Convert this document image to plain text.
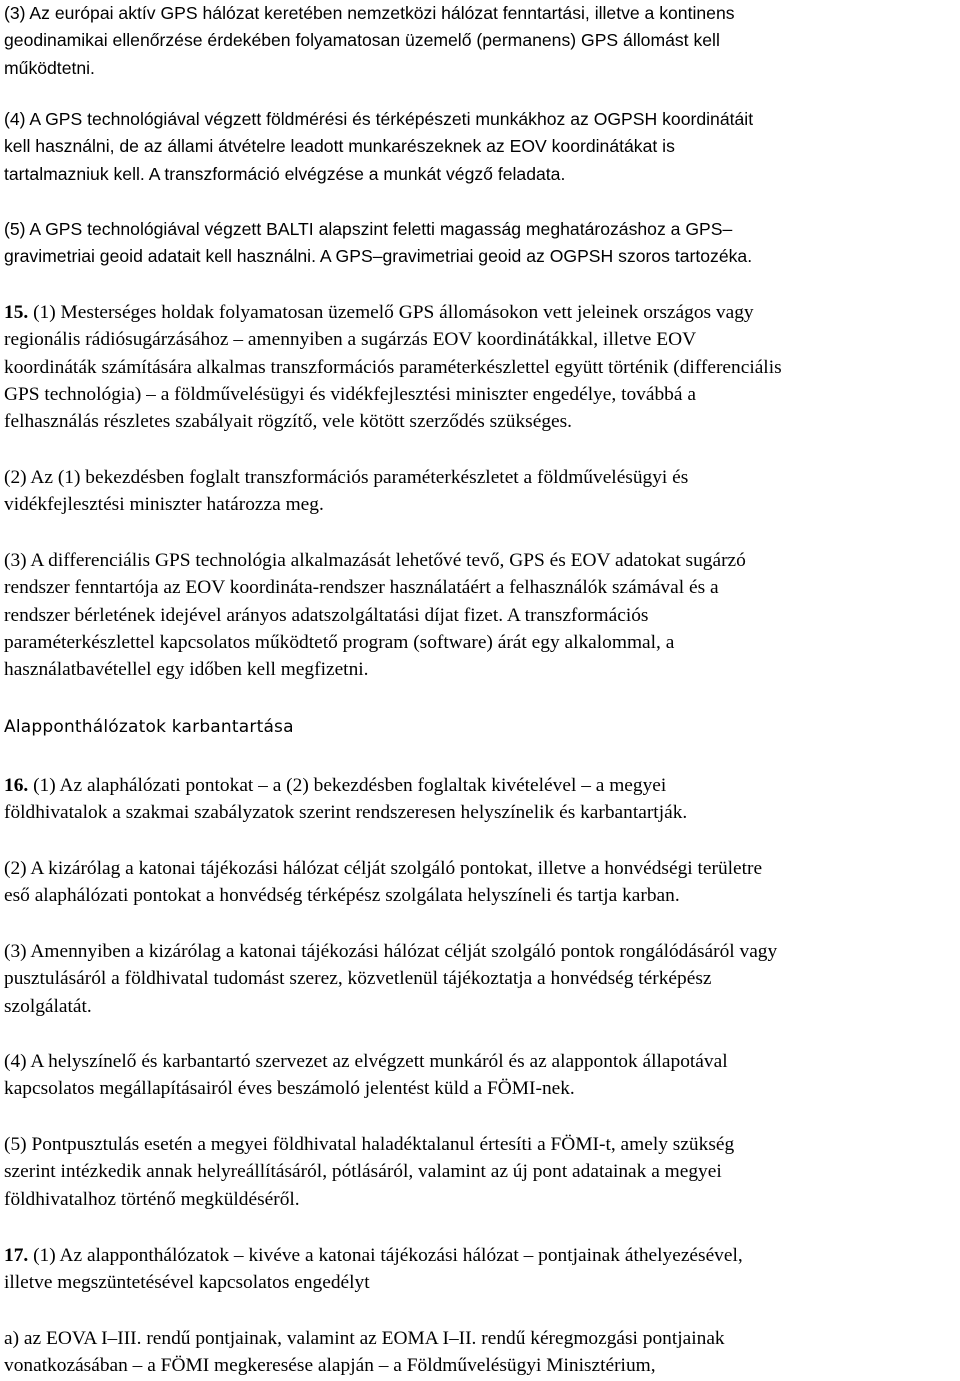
(3) Az európai aktív GPS hálózat keretében nemzetközi hálózat fenntartási, illetve a kontinens
geodinamikai ellenőrzése érdekében folyamatosan üzemelő (permanens) GPS állomást kell
működtetni.
(4) A GPS technológiával végzett földmérési és térképészeti munkákhoz az OGPSH koordinátáit
kell használni, de az állami átvételre leadott munkarészeknek az EOV koordinátákat is
tartalmazniuk kell. A transzformáció elvégzése a munkát végző feladata.
(5) A GPS technológiával végzett BALTI alapszint feletti magasság meghatározáshoz a GPS–
gravimetriai geoid adatait kell használni. A GPS–gravimetriai geoid az OGPSH szoros tartozéka.
15. (1) Mesterséges holdak folyamatosan üzemelő GPS állomásokon vett jeleinek országos vagy
regionális rádiósugárzásához – amennyiben a sugárzás EOV koordinátákkal, illetve EOV
koordináták számítására alkalmas transzformációs paraméterkészlettel együtt történik (differenciális
GPS technológia) – a földművelésügyi és vidékfejlesztési miniszter engedélye, továbbá a
felhasználás részletes szabályait rögzítő, vele kötött szerződés szükséges.
(2) Az (1) bekezdésben foglalt transzformációs paraméterkészletet a földművelésügyi és
vidékfejlesztési miniszter határozza meg.
(3) A differenciális GPS technológia alkalmazását lehetővé tevő, GPS és EOV adatokat sugárzó
rendszer fenntartója az EOV koordináta-rendszer használatáért a felhasználók számával és a
rendszer bérletének idejével arányos adatszolgáltatási díjat fizet. A transzformációs
paraméterkészlettel kapcsolatos működtető program (software) árát egy alkalommal, a
használatbavétellel egy időben kell megfizetni.
Alapponthálózatok karbantartása
16. (1) Az alaphálózati pontokat – a (2) bekezdésben foglaltak kivételével – a megyei
földhivatalok a szakmai szabályzatok szerint rendszeresen helyszínelik és karbantartják.
(2) A kizárólag a katonai tájékozási hálózat célját szolgáló pontokat, illetve a honvédségi területre
eső alaphálózati pontokat a honvédség térképész szolgálata helyszíneli és tartja karban.
(3) Amennyiben a kizárólag a katonai tájékozási hálózat célját szolgáló pontok rongálódásáról vagy
pusztulásáról a földhivatal tudomást szerez, közvetlenül tájékoztatja a honvédség térképész
szolgálatát.
(4) A helyszínelő és karbantartó szervezet az elvégzett munkáról és az alappontok állapotával
kapcsolatos megállapításairól éves beszámoló jelentést küld a FÖMI-nek.
(5) Pontpusztulás esetén a megyei földhivatal haladéktalanul értesíti a FÖMI-t, amely szükség
szerint intézkedik annak helyreállításáról, pótlásáról, valamint az új pont adatainak a megyei
földhivatalhoz történő megküldéséről.
17. (1) Az alapponthálózatok – kivéve a katonai tájékozási hálózat – pontjainak áthelyezésével,
illetve megszüntetésével kapcsolatos engedélyt
a) az EOVA I–III. rendű pontjainak, valamint az EOMA I–II. rendű kéregmozgási pontjainak
vonatkozásában – a FÖMI megkeresése alapján – a Földművelésügyi Minisztérium,
